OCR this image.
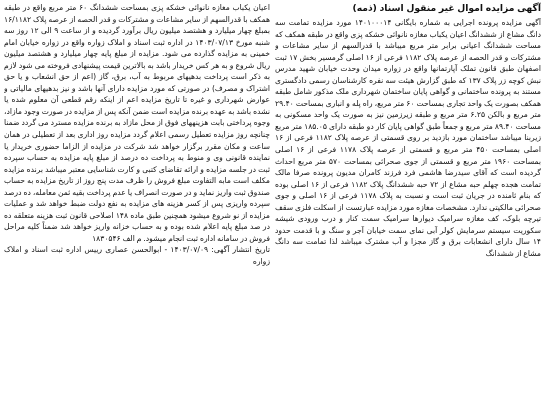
آگهی مزایده اموال غیر منقول اسناد (ذمه)

آگهی مزایده پرونده اجرایی به شماره بایگانی ۱۴۰۱۰۰۰۱۴ مورد مزایده تمامت سه دانگ مشاع از ششدانگ اعیان یکباب مغازه نانوائی خشکه پزی واقع در طبقه همکف که مساحت ششدانگ اعیانی برابر متر مربع میباشد با قدرالسهم از سایر مشاعات و مشترکات و قدر الحصه از عرصه پلاک ۱۱۸۲ فرعی از ۱۶ اصلی گرمسیر بخش ۱۷ ثبت اصفهان طبق قانون تملک آپارتمانها واقع در زواره میدان وحدت خیابان شهید مدرس نبش کوچه زر پلاک ۱۳۷ که طبق گزارش هیئت سه نفره کارشناسان رسمی دادگستری مستند به پرونده ساختمانی و گواهی پایان ساختمان شهرداری ملک مذکور شامل طبقه همکف بصورت یک واحد تجاری بمساحت ۶۰ متر مربع، راه پله و انباری بمساحت ۲۹.۴۰ متر مربع و بالکن ۶.۲۵ متر مربع و طبقه زیرزمین نیز به صورت یک واحد مسکونی به مساحت ۸۹.۴۰ متر مربع و جمعاً طبق گواهی پایان کار دو طبقه دارای ۱۸۵.۰۵ متر مربع زیربنا میباشد ساختمان مورد بازدید بر روی قسمتی از عرصه پلاک ۱۱۸۲ فرعی از ۱۶ اصلی بمساحت ۴۵۰ متر مربع و قسمتی از عرصه پلاک ۱۱۷۸ فرعی از ۱۶ اصلی بمساحت ۱۹۶۰ متر مربع و قسمتی از جوی صحرائی بمساحت ۵۷۰ متر مربع احداث گردیده است که آقای سیدرضا هاشمی فرد فرزند کامران مدیون پرونده صرفا مالک تمامت هجده چهلم حبه مشاع از ۷۲ حبه ششدانگ پلاک ۱۱۸۲ فرعی از ۱۶ اصلی بوده که بنام ثامنده در جریان ثبت است و نسبت به پلاک ۱۱۷۸ فرعی از ۱۶ اصلی و جوی صحرائی مالکیتی ندارد. مشخصات مغازه مورد مزایده عبارتست از اسکلت فلزی سقف تیرچه بلوک، کف مغازه سرامیک دیوارها سرامیک سمت کنار و درب ورودی شیشه سکوریت سیستم سرمایش کولر آبی نمای سمت خیابان آجر و سنگ و با قدمت حدود ۱۴ سال دارای انشعابات برق و گاز مجزا و آب مشترک میباشد لذا تمامت سه دانگ مشاع از ششدانگ

اعیان یکباب مغازه نانوائی خشکه پزی بمساحت ششدانگ ۶۰ متر مربع واقع در طبقه همکف با قدرالسهم از سایر مشاعات و مشترکات و قدر الحصه از عرصه پلاک ۱۶/۱۱۸۲ بمبلغ چهار میلیارد و هشتصد میلیون ریال برآورد گردیده و از ساعت ۹ الی ۱۲ روز سه شنبه مورخ ۱۴۰۳/۰۷/۱۳ در اداره ثبت اسناد و املاک زواره واقع در زواره خیابان امام خمینی به مزایده گذارده می شود. مزایده از مبلغ پایه چهار میلیارد و هشتصد میلیون ریال شروع و به هر کس خریدار باشد به بالاترین قیمت پیشنهادی فروخته می شود لازم به ذکر است پرداخت بدهیهای مربوط به آب، برق، گاز (اعم از حق انشعاب و یا حق اشتراک و مصرف) در صورتی که مورد مزایده دارای آنها باشد و نیز بدهیهای مالیاتی و عوارض شهرداری و غیره تا تاریخ مزایده اعم از اینکه رقم قطعی آن معلوم شده یا نشده باشد به عهده برنده مزایده است ضمن آنکه پس از مزایده در صورت وجود مازاد، وجوه پرداختی بابت هزینههای فوق از محل مازاد به برنده مزایده مسترد می گردد ضمنا چنانچه روز مزایده تعطیل رسمی اعلام گردد مزایده روز اداری بعد از تعطیلی در همان ساعت و مکان مقرر برگزار خواهد شد شرکت در مزایده از الزاما حضوری خریدار یا نماینده قانونی وی و منوط به پرداخت ده درصد از مبلغ پایه مزایده به حساب سپرده ثبت در جلسه مزایده و ارائه تقاضای کتبی و کارت شناسایی معتبر میباشد برنده مزایده مکلف است مابه التفاوت مبلغ فروش را ظرف مدت پنج روز از تاریخ مزایده به حساب صندوق ثبت واریز نماید و در صورت انصراف یا عدم پرداخت بقیه ثمن معامله، ده درصد سپرده واریزی پس از کسر هزینه های مزایده به نفع دولت ضبط خواهد شد و عملیات مزایده از نو شروع میشود همچنین طبق ماده ۱۴۸ اصلاحی قانون ثبت هزینه متعلقه ده در صد مبلغ پایه اعلام شده بوده و به حساب خزانه واریز خواهد شد ضمناً کلیه مراحل فروش در سامانه اداره ثبت انجام میشود. م الف ۱۸۳۰۵۴۶

تاریخ انتشار آگهی: ۱۴۰۳/۰۷/۰۹ - ابوالحسن عصاری رییس اداره ثبت اسناد و املاک زواره
